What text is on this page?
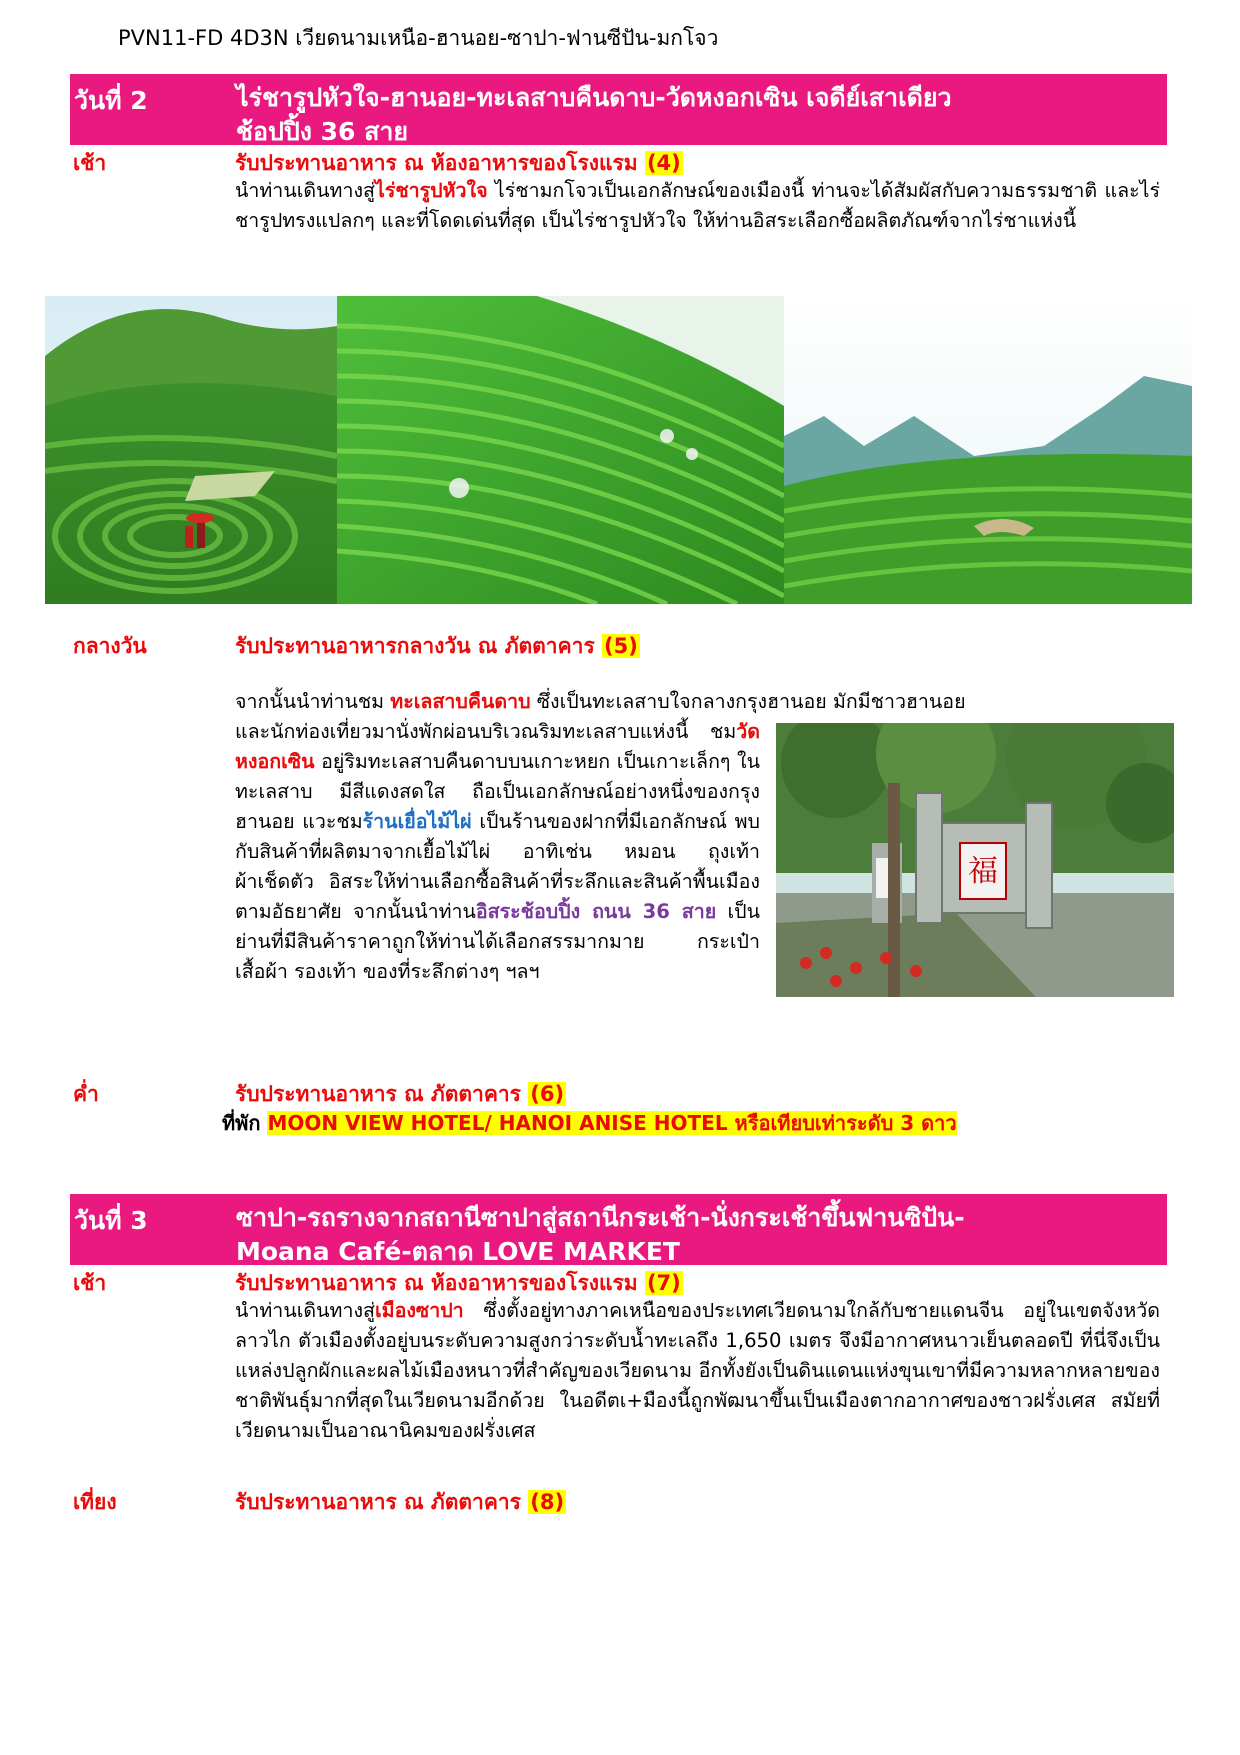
PVN11-FD 4D3N เวียดนามเหนือ-ฮานอย-ซาปา-ฟานซีปัน-มกโจว
วันที่ 2	ไร่ชารูปหัวใจ-ฮานอย-ทะเลสาบคืนดาบ-วัดหงอกเซิน เจดีย์เสาเดียว
ช้อปปิ้ง 36 สาย
เช้า	รับประทานอาหาร ณ ห้องอาหารของโรงแรม (4)
นำท่านเดินทางสู่ไร่ชารูปหัวใจ ไร่ชามกโจวเป็นเอกลักษณ์ของเมืองนี้ ท่านจะได้สัมผัสกับความธรรมชาติ และไร่ชารูปทรงแปลกๆ และที่โดดเด่นที่สุด เป็นไร่ชารูปหัวใจ ให้ท่านอิสระเลือกซื้อผลิตภัณฑ์จากไร่ชาแห่งนี้
กลางวัน	รับประทานอาหารกลางวัน ณ ภัตตาคาร (5)
จากนั้นนำท่านชม ทะเลสาบคืนดาบ ซึ่งเป็นทะเลสาบใจกลางกรุงฮานอย มักมีชาวฮานอย
และนักท่องเที่ยวมานั่งพักผ่อนบริเวณริมทะเลสาบแห่งนี้ ชมวัดหงอกเซิน อยู่ริมทะเลสาบคืนดาบบนเกาะหยก เป็นเกาะเล็กๆ ในทะเลสาบ มีสีแดงสดใส ถือเป็นเอกลักษณ์อย่างหนึ่งของกรุงฮานอย แวะชมร้านเยื่อไม้ไผ่ เป็นร้านของฝากที่มีเอกลักษณ์ พบกับสินค้าที่ผลิตมาจากเยื้อไม้ไผ่ อาทิเช่น หมอน ถุงเท้า ผ้าเช็ดตัว อิสระให้ท่านเลือกซื้อสินค้าที่ระลึกและสินค้าพื้นเมืองตามอัธยาศัย จากนั้นนำท่านอิสระช้อบปิ้ง ถนน 36 สาย เป็นย่านที่มีสินค้าราคาถูกให้ท่านได้เลือกสรรมากมาย กระเป๋า เสื้อผ้า รองเท้า ของที่ระลึกต่างๆ ฯลฯ
福
ค่ำ	รับประทานอาหาร ณ ภัตตาคาร (6)
ที่พัก MOON VIEW HOTEL/ HANOI ANISE HOTEL หรือเทียบเท่าระดับ 3 ดาว
วันที่ 3	ซาปา-รถรางจากสถานีซาปาสู่สถานีกระเช้า-นั่งกระเช้าขึ้นฟานซิปัน-
Moana Café-ตลาด LOVE MARKET
เช้า	รับประทานอาหาร ณ ห้องอาหารของโรงแรม (7)
นำท่านเดินทางสู่เมืองซาปา ซึ่งตั้งอยู่ทางภาคเหนือของประเทศเวียดนามใกล้กับชายแดนจีน อยู่ในเขตจังหวัดลาวไก ตัวเมืองตั้งอยู่บนระดับความสูงกว่าระดับน้ำทะเลถึง 1,650 เมตร จึงมีอากาศหนาวเย็นตลอดปี ที่นี่จึงเป็นแหล่งปลูกผักและผลไม้เมืองหนาวที่สำคัญของเวียดนาม อีกทั้งยังเป็นดินแดนแห่งขุนเขาที่มีความหลากหลายของชาติพันธุ์มากที่สุดในเวียดนามอีกด้วย ในอดีตเ+มืองนี้ถูกพัฒนาขึ้นเป็นเมืองตากอากาศของชาวฝรั่งเศส สมัยที่เวียดนามเป็นอาณานิคมของฝรั่งเศส
เที่ยง	รับประทานอาหาร ณ ภัตตาคาร (8)
